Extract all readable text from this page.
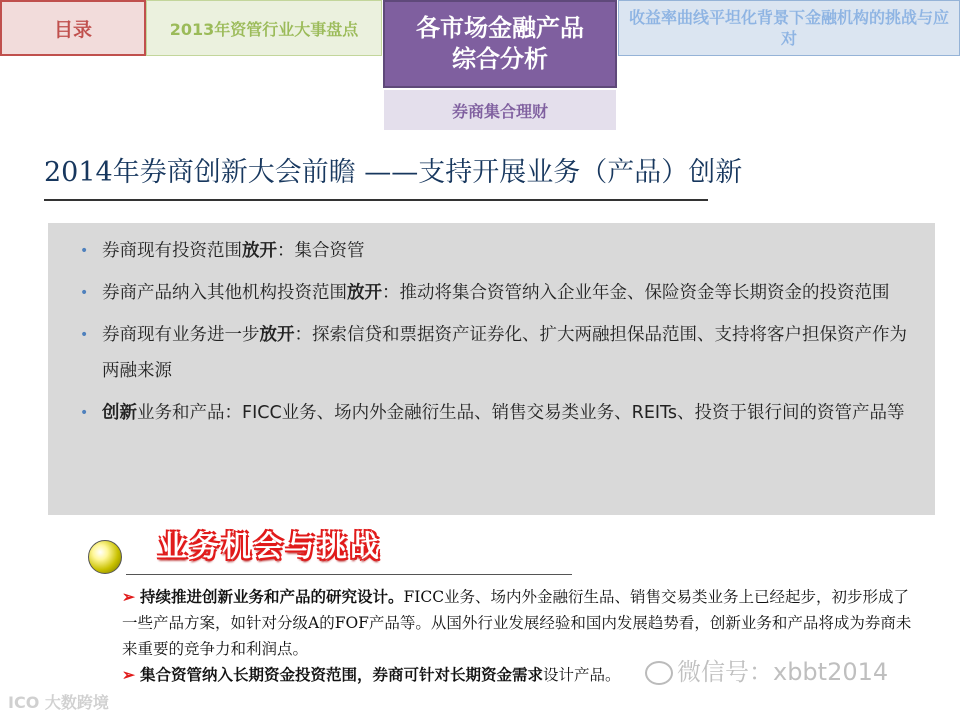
目录	2013年资管行业大事盘点 各市场金融产品
综合分析
收益率曲线平坦化背景下金融机构的挑战与应对
券商集合理财
2014年券商创新大会前瞻 ——支持开展业务（产品）创新
• 券商现有投资范围放开：集合资管
• 券商产品纳入其他机构投资范围放开：推动将集合资管纳入企业年金、保险资金等长期资金的投资范围
• 券商现有业务进一步放开：探索信贷和票据资产证券化、扩大两融担保品范围、支持将客户担保资产作为两融来源
• 创新业务和产品：FICC业务、场内外金融衍生品、销售交易类业务、REITs、投资于银行间的资管产品等
业务机会与挑战
➢ 持续推进创新业务和产品的研究设计。FICC业务、场内外金融衍生品、销售交易类业务上已经起步，初步形成了一些产品方案，如针对分级A的FOF产品等。从国外行业发展经验和国内发展趋势看，创新业务和产品将成为券商未来重要的竞争力和利润点。
➢ 集合资管纳入长期资金投资范围，券商可针对长期资金需求设计产品。
ICO 大数跨境
微信号：xbbt2014
